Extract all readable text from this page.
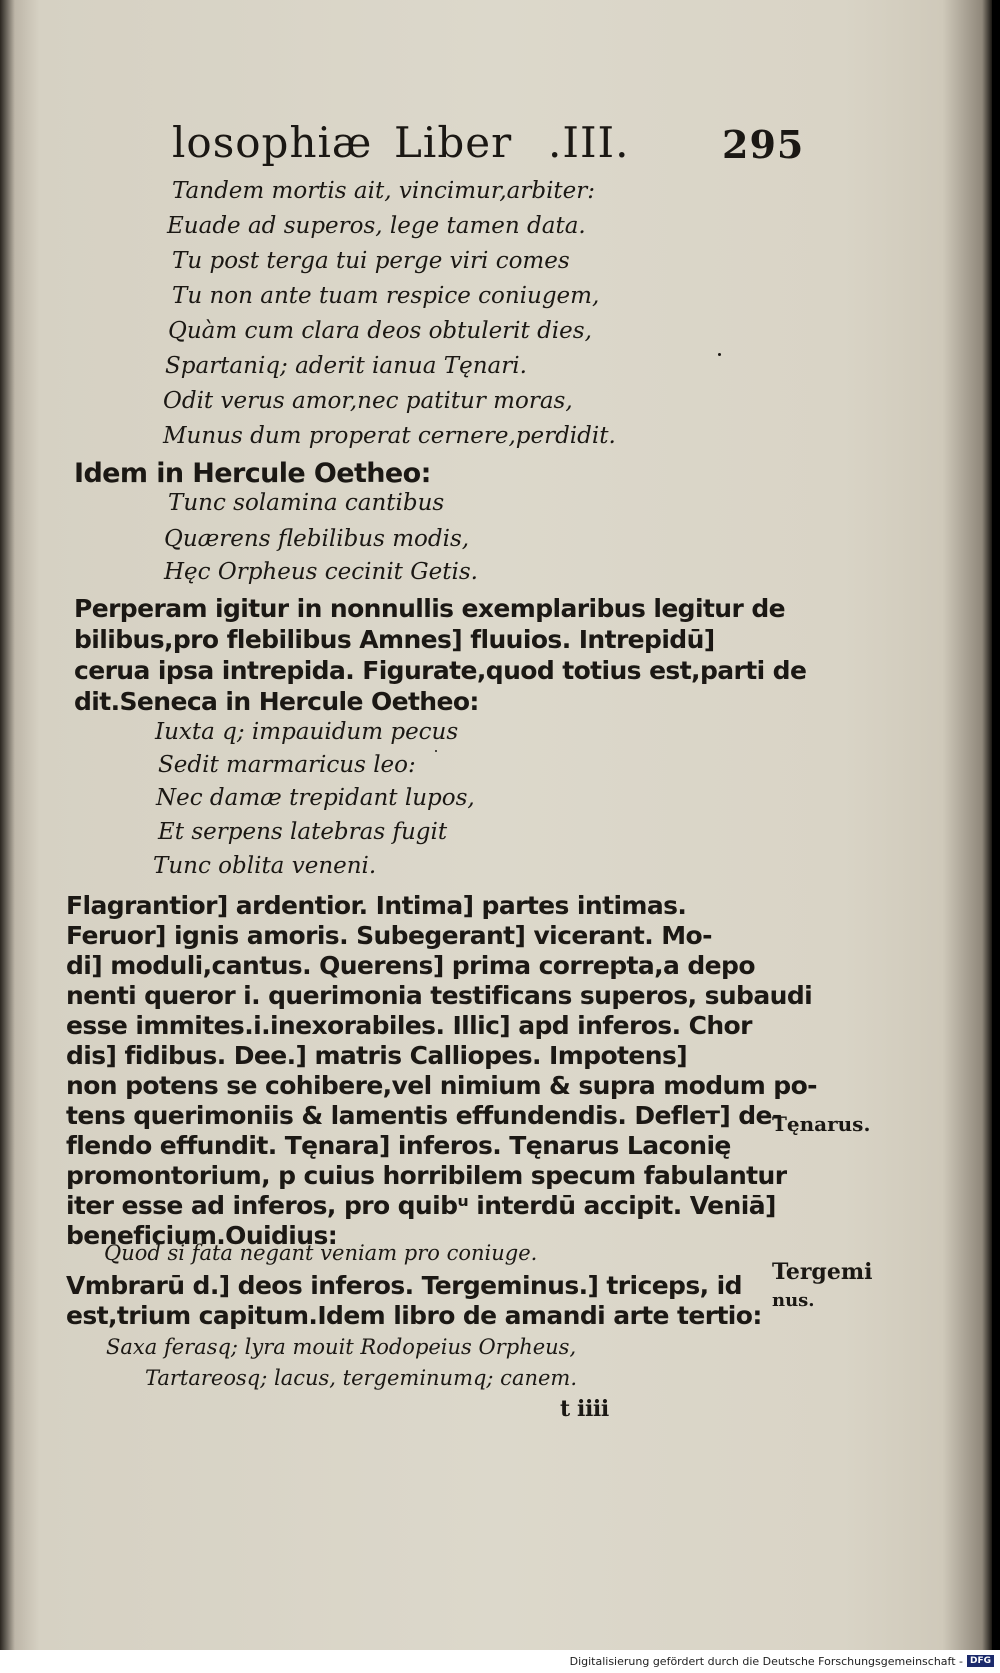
losophiæ Liber .III. 295
Tandem mortis ait, vincimur,arbiter:
Euade ad superos, lege tamen data.
Tu post terga tui perge viri comes
Tu non ante tuam respice coniugem,
Quàm cum clara deos obtulerit dies,
Spartaniq; aderit ianua Tęnari.
Odit verus amor,nec patitur moras,
Munus dum properat cernere,perdidit.
Idem in Hercule Oetheo:
Tunc solamina cantibus
Quærens flebilibus modis,
Hęc Orpheus cecinit Getis.
Perperam igitur in nonnullis exemplaribus legitur de
bilibus,pro flebilibus Amnes] fluuios. Intrepidū]
ceruа ipsa intrepida. Figurate,quod totius est,parti de
dit.Seneca in Hercule Oetheo:
Iuxta q; impauidum pecus
Sedit marmaricus leo:
Nec damæ trepidant lupos,
Et serpens latebras fugit
Tunc oblita veneni.
Flagrantior] ardentior. Intima] partes intimas.
Feruor] ignis amoris. Subegerant] vicerant. Mo-
di] moduli,cantus. Querens] prima correpta,a depo
nenti queror i. querimonia testificans superos, subaudi
esse immites.i.inexorabiles. Illic] apd inferos. Chor
dis] fidibus. Dee.] matris Calliopes. Impotens]
non potens se cohibere,vel nimium & supra modum po-
tens querimoniis & lamentis effundendis. Defleт] de-
flendo effundit. Tęnara] inferos. Tęnarus Laconię
promontorium, p cuius horribilem specum fabulantur
iter esse ad inferos, pro quibᵘ interdū accipit. Veniā]
beneficium.Ouidius:
Quod si fata negant veniam pro coniuge.
Vmbrarū d.] deos inferos. Tergeminus.] triceps, id
est,trium capitum.Idem libro de amandi arte tertio:
Saxa ferasq; lyra mouit Rodopeius Orpheus,
Tartareosq; lacus, tergeminumq; canem.
t iiii
Tęnarus.
Tergemi
nus.
Digitalisierung gefördert durch die Deutsche Forschungsgemeinschaft - DFG
